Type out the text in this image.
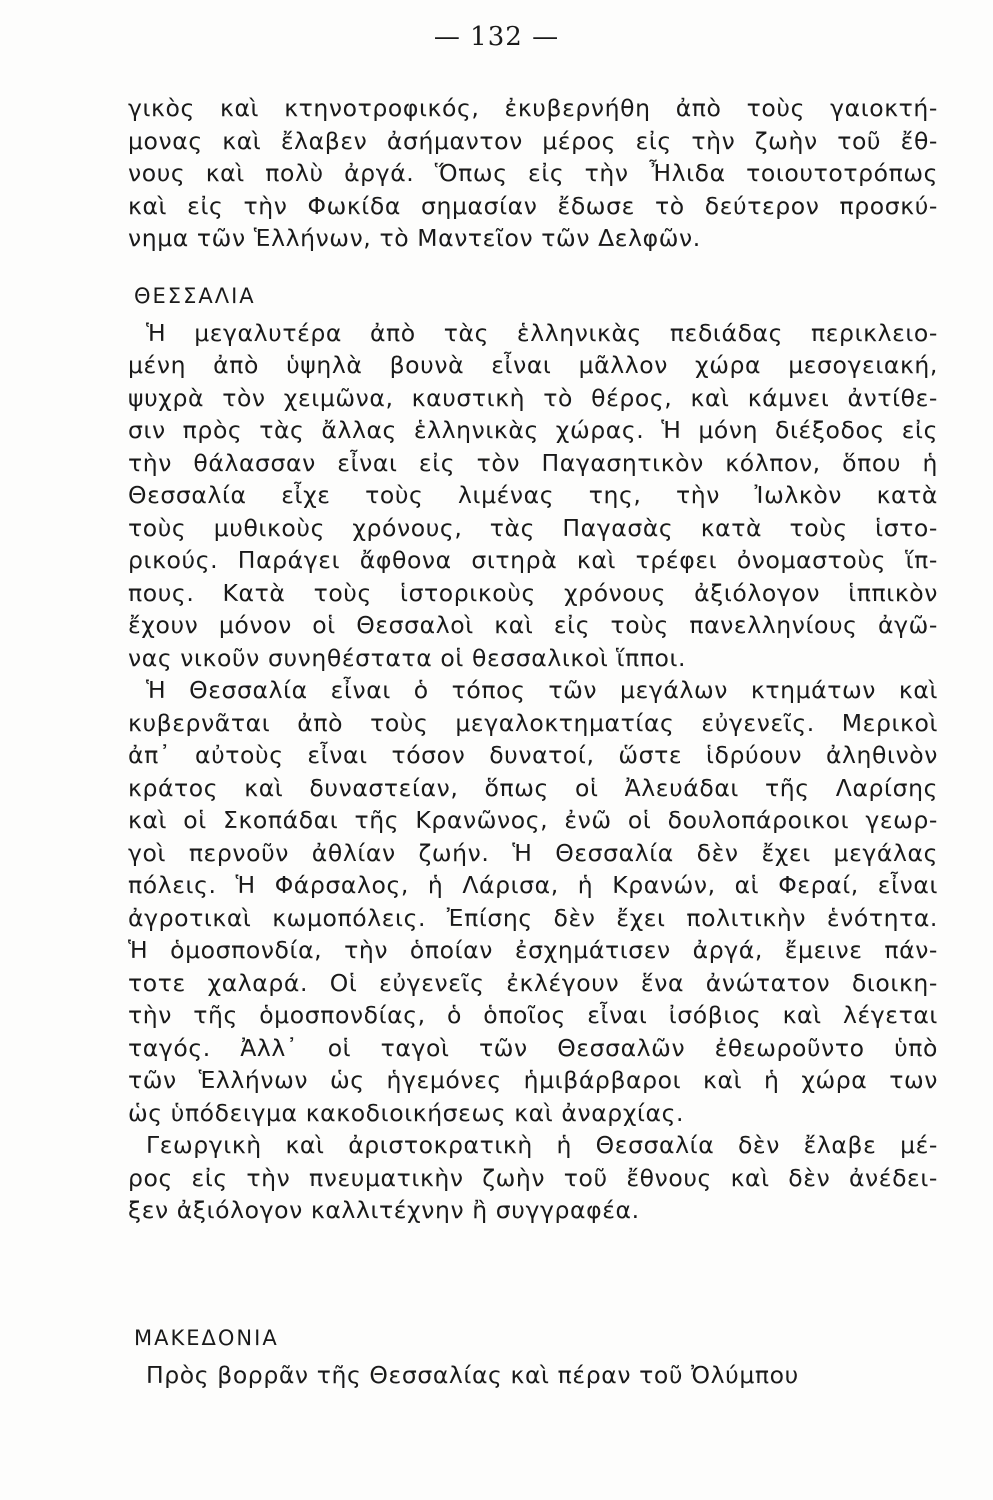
— 132 —
γικὸς καὶ κτηνοτροφικός, ἐκυβερνήθη ἀπὸ τοὺς γαιοκτή-
μονας καὶ ἔλαβεν ἀσήμαντον μέρος εἰς τὴν ζωὴν τοῦ ἔθ-
νους καὶ πολὺ ἀργά. Ὅπως εἰς τὴν Ἦλιδα τοιουτοτρόπως
καὶ εἰς τὴν Φωκίδα σημασίαν ἔδωσε τὸ δεύτερον προσκύ-
νημα τῶν Ἑλλήνων, τὸ Μαντεῖον τῶν Δελφῶν.
ΘΕΣΣΑΛΙΑ
Ἡ μεγαλυτέρα ἀπὸ τὰς ἑλληνικὰς πεδιάδας περικλειο-
μένη ἀπὸ ὑψηλὰ βουνὰ εἶναι μᾶλλον χώρα μεσογειακή,
ψυχρὰ τὸν χειμῶνα, καυστικὴ τὸ θέρος, καὶ κάμνει ἀντίθε-
σιν πρὸς τὰς ἄλλας ἑλληνικὰς χώρας. Ἡ μόνη διέξοδος εἰς
τὴν θάλασσαν εἶναι εἰς τὸν Παγασητικὸν κόλπον, ὅπου ἡ
Θεσσαλία εἶχε τοὺς λιμένας της, τὴν Ἰωλκὸν κατὰ
τοὺς μυθικοὺς χρόνους, τὰς Παγασὰς κατὰ τοὺς ἱστο-
ρικούς. Παράγει ἄφθονα σιτηρὰ καὶ τρέφει ὀνομαστοὺς ἵπ-
πους. Κατὰ τοὺς ἱστορικοὺς χρόνους ἀξιόλογον ἱππικὸν
ἔχουν μόνον οἱ Θεσσαλοὶ καὶ εἰς τοὺς πανελληνίους ἀγῶ-
νας νικοῦν συνηθέστατα οἱ θεσσαλικοὶ ἵπποι.
Ἡ Θεσσαλία εἶναι ὁ τόπος τῶν μεγάλων κτημάτων καὶ
κυβερνᾶται ἀπὸ τοὺς μεγαλοκτηματίας εὐγενεῖς. Μερικοὶ
ἀπ᾽ αὐτοὺς εἶναι τόσον δυνατοί, ὥστε ἱδρύουν ἀληθινὸν
κράτος καὶ δυναστείαν, ὅπως οἱ Ἀλευάδαι τῆς Λαρίσης
καὶ οἱ Σκοπάδαι τῆς Κρανῶνος, ἐνῶ οἱ δουλοπάροικοι γεωρ-
γοὶ περνοῦν ἀθλίαν ζωήν. Ἡ Θεσσαλία δὲν ἔχει μεγάλας
πόλεις. Ἡ Φάρσαλος, ἡ Λάρισα, ἡ Κρανών, αἱ Φεραί, εἶναι
ἀγροτικαὶ κωμοπόλεις. Ἐπίσης δὲν ἔχει πολιτικὴν ἑνότητα.
Ἡ ὁμοσπονδία, τὴν ὁποίαν ἐσχημάτισεν ἀργά, ἔμεινε πάν-
τοτε χαλαρά. Οἱ εὐγενεῖς ἐκλέγουν ἕνα ἀνώτατον διοικη-
τὴν τῆς ὁμοσπονδίας, ὁ ὁποῖος εἶναι ἰσόβιος καὶ λέγεται
ταγός. Ἀλλ᾽ οἱ ταγοὶ τῶν Θεσσαλῶν ἐθεωροῦντο ὑπὸ
τῶν Ἑλλήνων ὡς ἡγεμόνες ἡμιβάρβαροι καὶ ἡ χώρα των
ὡς ὑπόδειγμα κακοδιοικήσεως καὶ ἀναρχίας.
Γεωργικὴ καὶ ἀριστοκρατικὴ ἡ Θεσσαλία δὲν ἔλαβε μέ-
ρος εἰς τὴν πνευματικὴν ζωὴν τοῦ ἔθνους καὶ δὲν ἀνέδει-
ξεν ἀξιόλογον καλλιτέχνην ἢ συγγραφέα.
ΜΑΚΕΔΟΝΙΑ
Πρὸς βορρᾶν τῆς Θεσσαλίας καὶ πέραν τοῦ Ὀλύμπου
